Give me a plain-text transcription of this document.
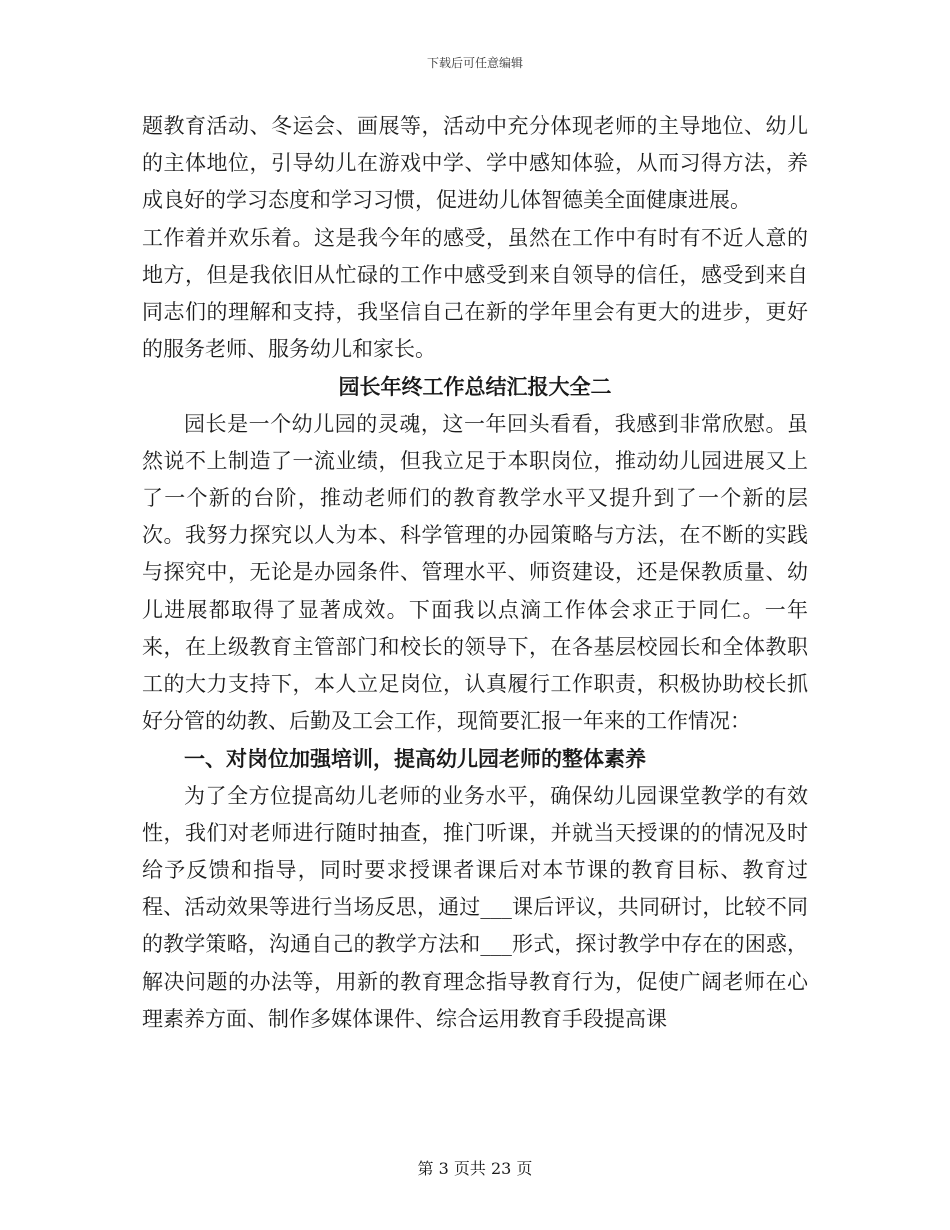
下载后可任意编辑

题教育活动、冬运会、画展等，活动中充分体现老师的主导地位、幼儿的主体地位，引导幼儿在游戏中学、学中感知体验，从而习得方法，养成良好的学习态度和学习习惯，促进幼儿体智德美全面健康进展。

工作着并欢乐着。这是我今年的感受，虽然在工作中有时有不近人意的地方，但是我依旧从忙碌的工作中感受到来自领导的信任，感受到来自同志们的理解和支持，我坚信自己在新的学年里会有更大的进步，更好的服务老师、服务幼儿和家长。

园长年终工作总结汇报大全二

园长是一个幼儿园的灵魂，这一年回头看看，我感到非常欣慰。虽然说不上制造了一流业绩，但我立足于本职岗位，推动幼儿园进展又上了一个新的台阶，推动老师们的教育教学水平又提升到了一个新的层次。我努力探究以人为本、科学管理的办园策略与方法，在不断的实践与探究中，无论是办园条件、管理水平、师资建设，还是保教质量、幼儿进展都取得了显著成效。下面我以点滴工作体会求正于同仁。一年来，在上级教育主管部门和校长的领导下，在各基层校园长和全体教职工的大力支持下，本人立足岗位，认真履行工作职责，积极协助校长抓好分管的幼教、后勤及工会工作，现简要汇报一年来的工作情况：

一、对岗位加强培训，提高幼儿园老师的整体素养

为了全方位提高幼儿老师的业务水平，确保幼儿园课堂教学的有效性，我们对老师进行随时抽查，推门听课，并就当天授课的的情况及时给予反馈和指导，同时要求授课者课后对本节课的教育目标、教育过程、活动效果等进行当场反思，通过___课后评议，共同研讨，比较不同的教学策略，沟通自己的教学方法和___形式，探讨教学中存在的困惑，解决问题的办法等，用新的教育理念指导教育行为，促使广阔老师在心理素养方面、制作多媒体课件、综合运用教育手段提高课

第 3 页共 23 页
